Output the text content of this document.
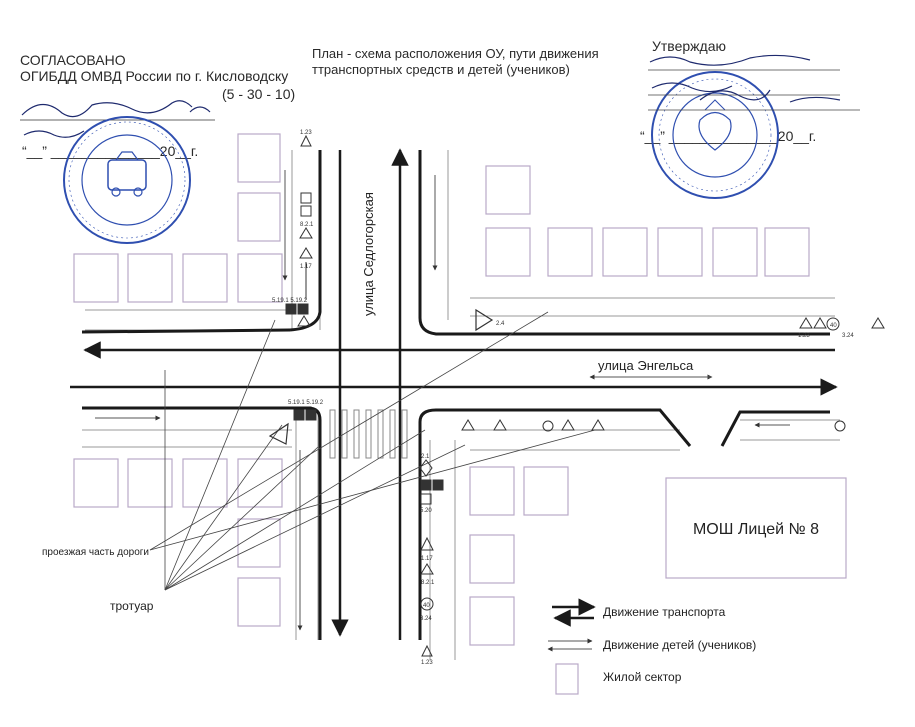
СОГЛАСОВАНО
ОГИБДД ОМВД России по г. Кисловодску
(5 - 30 - 10)
“__” ______________20__г.
План - схема расположения ОУ, пути движения
ттранспортных средств и детей (учеников)
Утверждаю
“__” ______________20__г.
1.23
8.2.1
1.17
5.19.1 5.19.2
2.4
1.23
40
3.24
5.19.1 5.19.2
2.1
5.20
1.17
8.2.1
40
3.24
1.23
улица Седлогорская
улица Энгельса
МОШ Лицей № 8
проезжая часть дороги
тротуар	Движение транспорта
Движение детей (учеников)
Жилой сектор
